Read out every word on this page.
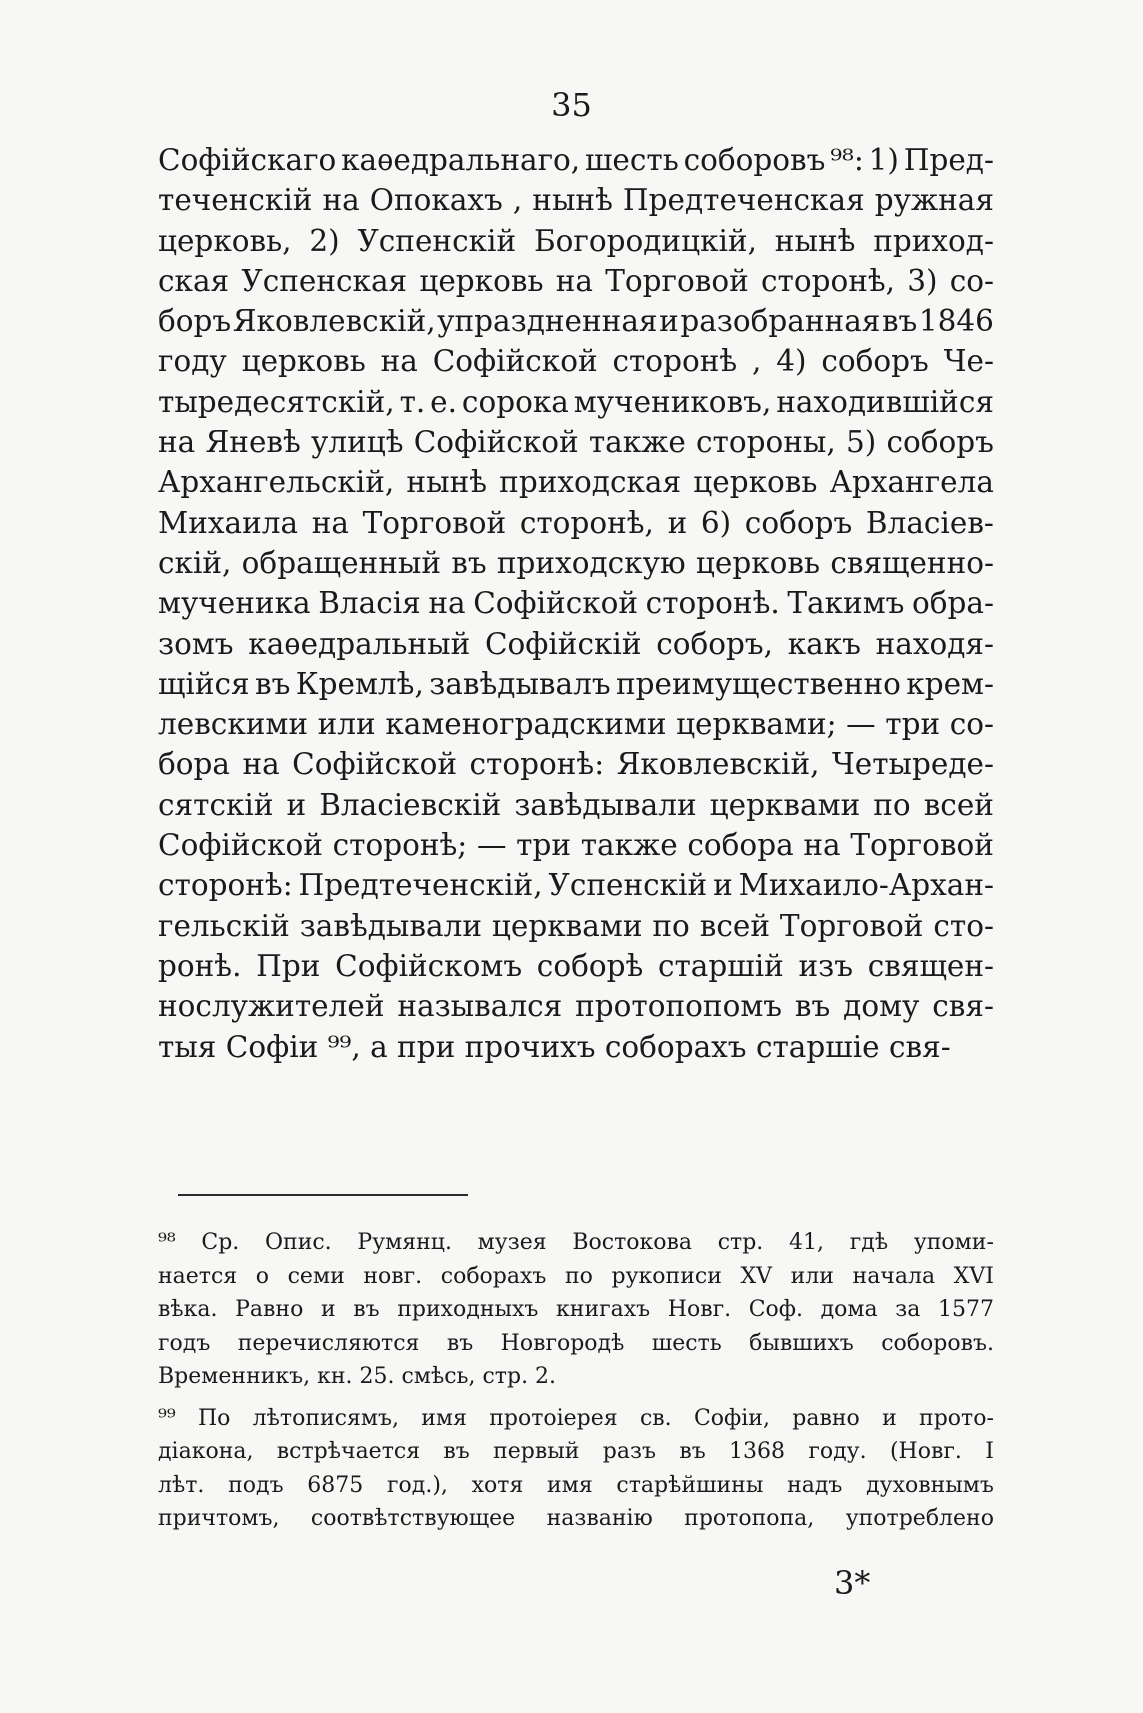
35
Софійскаго каѳедральнаго, шесть соборовъ ⁹⁸: 1) Пред-
теченскій на Опокахъ , нынѣ Предтеченская ружная
церковь, 2) Успенскій Богородицкій, нынѣ приход-
ская Успенская церковь на Торговой сторонѣ, 3) со-
боръ Яковлевскій, упраздненная и разобранная въ 1846
году церковь на Софійской сторонѣ , 4) соборъ Че-
тыредесятскій, т. е. сорока мучениковъ, находившійся
на Яневѣ улицѣ Софійской также стороны, 5) соборъ
Архангельскій, нынѣ приходская церковь Архангела
Михаила на Торговой сторонѣ, и 6) соборъ Власіев-
скій, обращенный въ приходскую церковь священно-
мученика Власія на Софійской сторонѣ. Такимъ обра-
зомъ каѳедральный Софійскій соборъ, какъ находя-
щійся въ Кремлѣ, завѣдывалъ преимущественно крем-
левскими или каменоградскими церквами; — три со-
бора на Софійской сторонѣ: Яковлевскій, Четыреде-
сятскій и Власіевскій завѣдывали церквами по всей
Софійской сторонѣ; — три также собора на Торговой
сторонѣ: Предтеченскій, Успенскій и Михаило-Архан-
гельскій завѣдывали церквами по всей Торговой сто-
ронѣ. При Софійскомъ соборѣ старшій изъ священ-
нослужителей назывался протопопомъ въ дому свя-
тыя Софіи ⁹⁹, а при прочихъ соборахъ старшіе свя-
⁹⁸ Ср. Опис. Румянц. музея Востокова стр. 41, гдѣ упоми-
нается о семи новг. соборахъ по рукописи XV или начала XVI
вѣка. Равно и въ приходныхъ книгахъ Новг. Соф. дома за 1577
годъ перечисляются въ Новгородѣ шесть бывшихъ соборовъ.
Временникъ, кн. 25. смѣсь, стр. 2.
⁹⁹ По лѣтописямъ, имя протоіерея св. Софіи, равно и прото-
діакона, встрѣчается въ первый разъ въ 1368 году. (Новг. I
лѣт. подъ 6875 год.), хотя имя старѣйшины надъ духовнымъ
причтомъ, соотвѣтствующее названію протопопа, употреблено
3*
